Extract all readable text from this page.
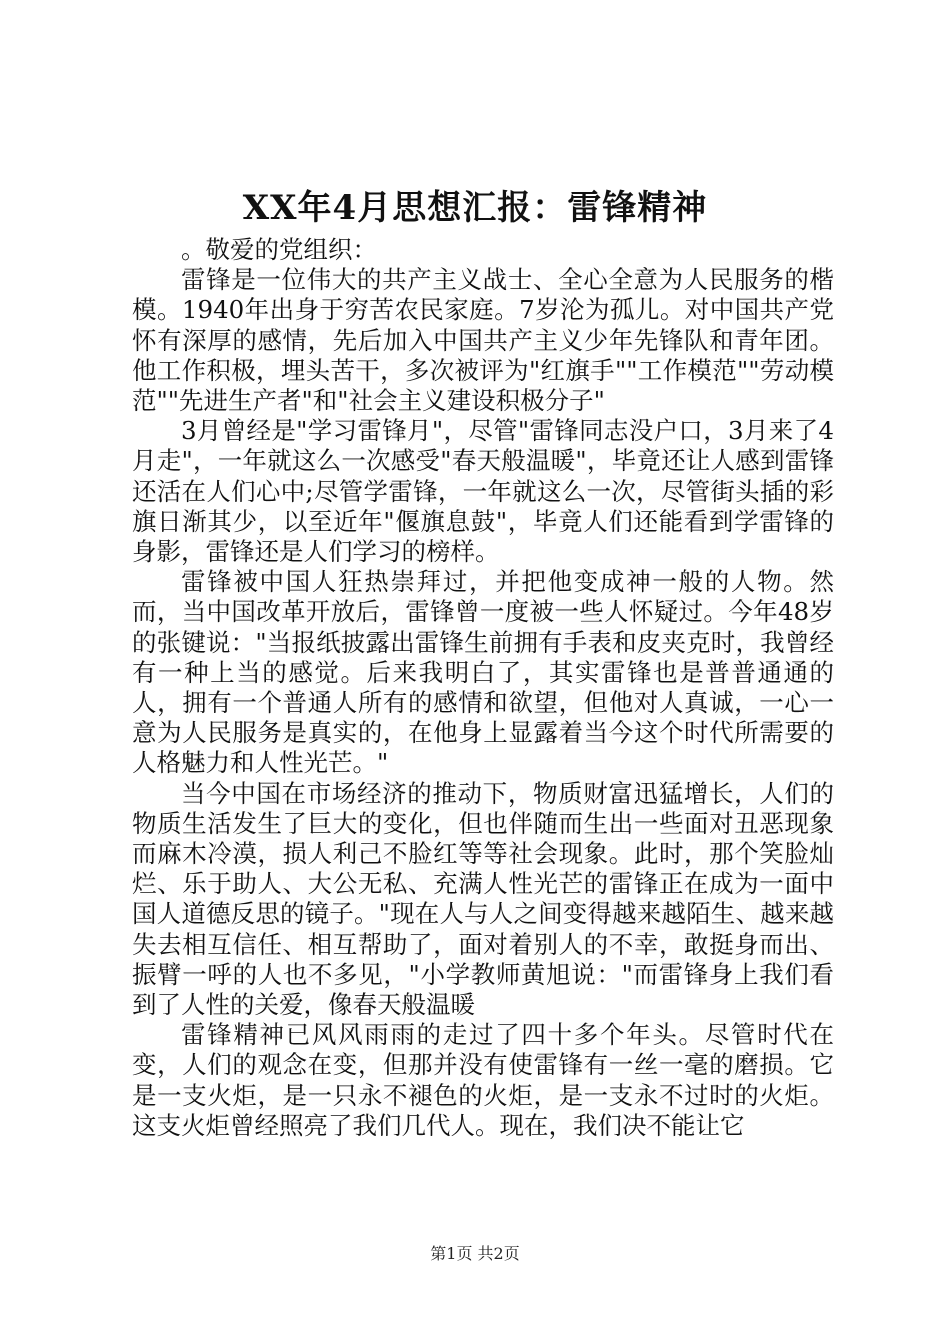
XX年4月思想汇报：雷锋精神

。敬爱的党组织：

雷锋是一位伟大的共产主义战士、全心全意为人民服务的楷模。1940年出身于穷苦农民家庭。7岁沦为孤儿。对中国共产党怀有深厚的感情，先后加入中国共产主义少年先锋队和青年团。他工作积极，埋头苦干，多次被评为"红旗手""工作模范""劳动模范""先进生产者"和"社会主义建设积极分子"

3月曾经是"学习雷锋月"，尽管"雷锋同志没户口，3月来了4月走"，一年就这么一次感受"春天般温暖"，毕竟还让人感到雷锋还活在人们心中;尽管学雷锋，一年就这么一次，尽管街头插的彩旗日渐其少，以至近年"偃旗息鼓"，毕竟人们还能看到学雷锋的身影，雷锋还是人们学习的榜样。

雷锋被中国人狂热崇拜过，并把他变成神一般的人物。然而，当中国改革开放后，雷锋曾一度被一些人怀疑过。今年48岁的张键说："当报纸披露出雷锋生前拥有手表和皮夹克时，我曾经有一种上当的感觉。后来我明白了，其实雷锋也是普普通通的人，拥有一个普通人所有的感情和欲望，但他对人真诚，一心一意为人民服务是真实的，在他身上显露着当今这个时代所需要的人格魅力和人性光芒。"

当今中国在市场经济的推动下，物质财富迅猛增长，人们的物质生活发生了巨大的变化，但也伴随而生出一些面对丑恶现象而麻木冷漠，损人利己不脸红等等社会现象。此时，那个笑脸灿烂、乐于助人、大公无私、充满人性光芒的雷锋正在成为一面中国人道德反思的镜子。"现在人与人之间变得越来越陌生、越来越失去相互信任、相互帮助了，面对着别人的不幸，敢挺身而出、振臂一呼的人也不多见，"小学教师黄旭说："而雷锋身上我们看到了人性的关爱，像春天般温暖

雷锋精神已风风雨雨的走过了四十多个年头。尽管时代在变，人们的观念在变，但那并没有使雷锋有一丝一毫的磨损。它是一支火炬，是一只永不褪色的火炬，是一支永不过时的火炬。这支火炬曾经照亮了我们几代人。现在，我们决不能让它

第1页 共2页
